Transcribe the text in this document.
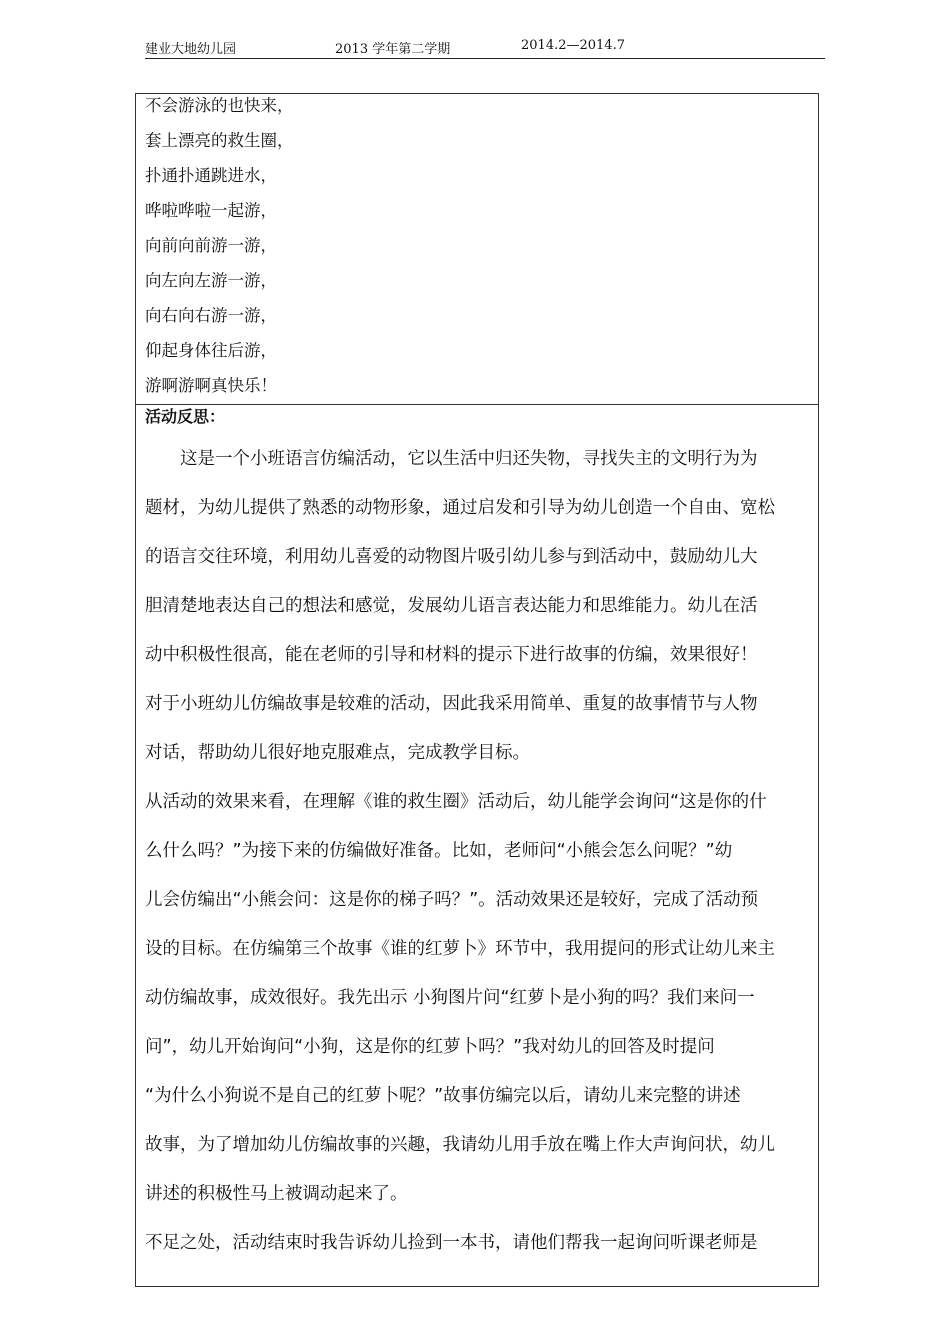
建业大地幼儿园	2013 学年第二学期	2014.2—2014.7
不会游泳的也快来，
套上漂亮的救生圈，
扑通扑通跳进水，
哗啦哗啦一起游，
向前向前游一游，
向左向左游一游，
向右向右游一游，
仰起身体往后游，
游啊游啊真快乐！
活动反思：

这是一个小班语言仿编活动，它以生活中归还失物，寻找失主的文明行为为
题材，为幼儿提供了熟悉的动物形象，通过启发和引导为幼儿创造一个自由、宽松
的语言交往环境，利用幼儿喜爱的动物图片吸引幼儿参与到活动中，鼓励幼儿大
胆清楚地表达自己的想法和感觉，发展幼儿语言表达能力和思维能力。幼儿在活
动中积极性很高，能在老师的引导和材料的提示下进行故事的仿编，效果很好！
对于小班幼儿仿编故事是较难的活动，因此我采用简单、重复的故事情节与人物
对话，帮助幼儿很好地克服难点，完成教学目标。

从活动的效果来看，在理解《谁的救生圈》活动后，幼儿能学会询问“这是你的什
么什么吗？”为接下来的仿编做好准备。比如，老师问“小熊会怎么问呢？”幼
儿会仿编出“小熊会问：这是你的梯子吗？”。活动效果还是较好，完成了活动预
设的目标。在仿编第三个故事《谁的红萝卜》环节中，我用提问的形式让幼儿来主
动仿编故事，成效很好。我先出示 小狗图片问“红萝卜是小狗的吗？我们来问一
问”，幼儿开始询问“小狗，这是你的红萝卜吗？”我对幼儿的回答及时提问
“为什么小狗说不是自己的红萝卜呢？”故事仿编完以后，请幼儿来完整的讲述
故事，为了增加幼儿仿编故事的兴趣，我请幼儿用手放在嘴上作大声询问状，幼儿
讲述的积极性马上被调动起来了。

不足之处，活动结束时我告诉幼儿捡到一本书，请他们帮我一起询问听课老师是
